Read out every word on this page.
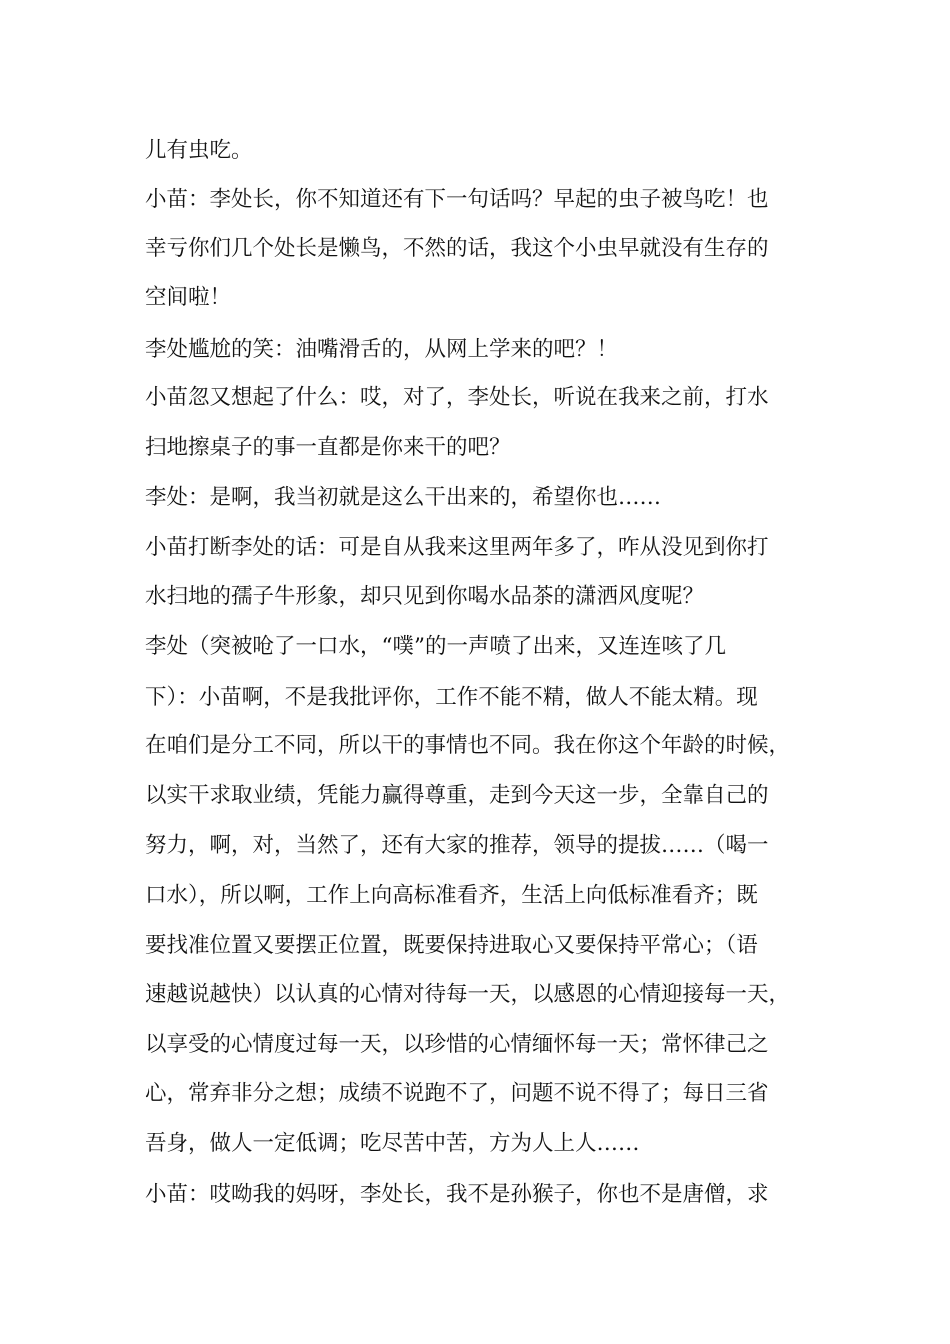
儿有虫吃。
小苗：李处长，你不知道还有下一句话吗？早起的虫子被鸟吃！也
幸亏你们几个处长是懒鸟，不然的话，我这个小虫早就没有生存的
空间啦！
李处尴尬的笑：油嘴滑舌的，从网上学来的吧？！
小苗忽又想起了什么：哎，对了，李处长，听说在我来之前，打水
扫地擦桌子的事一直都是你来干的吧？
李处：是啊，我当初就是这么干出来的，希望你也……
小苗打断李处的话：可是自从我来这里两年多了，咋从没见到你打
水扫地的孺子牛形象，却只见到你喝水品茶的潇洒风度呢？
李处（突被呛了一口水，“噗”的一声喷了出来，又连连咳了几
下）：小苗啊，不是我批评你，工作不能不精，做人不能太精。现
在咱们是分工不同，所以干的事情也不同。我在你这个年龄的时候，
以实干求取业绩，凭能力赢得尊重，走到今天这一步，全靠自己的
努力，啊，对，当然了，还有大家的推荐，领导的提拔……（喝一
口水），所以啊，工作上向高标准看齐，生活上向低标准看齐；既
要找准位置又要摆正位置，既要保持进取心又要保持平常心；（语
速越说越快）以认真的心情对待每一天，以感恩的心情迎接每一天，
以享受的心情度过每一天，以珍惜的心情缅怀每一天；常怀律己之
心，常弃非分之想；成绩不说跑不了，问题不说不得了；每日三省
吾身，做人一定低调；吃尽苦中苦，方为人上人……
小苗：哎呦我的妈呀，李处长，我不是孙猴子，你也不是唐僧，求
